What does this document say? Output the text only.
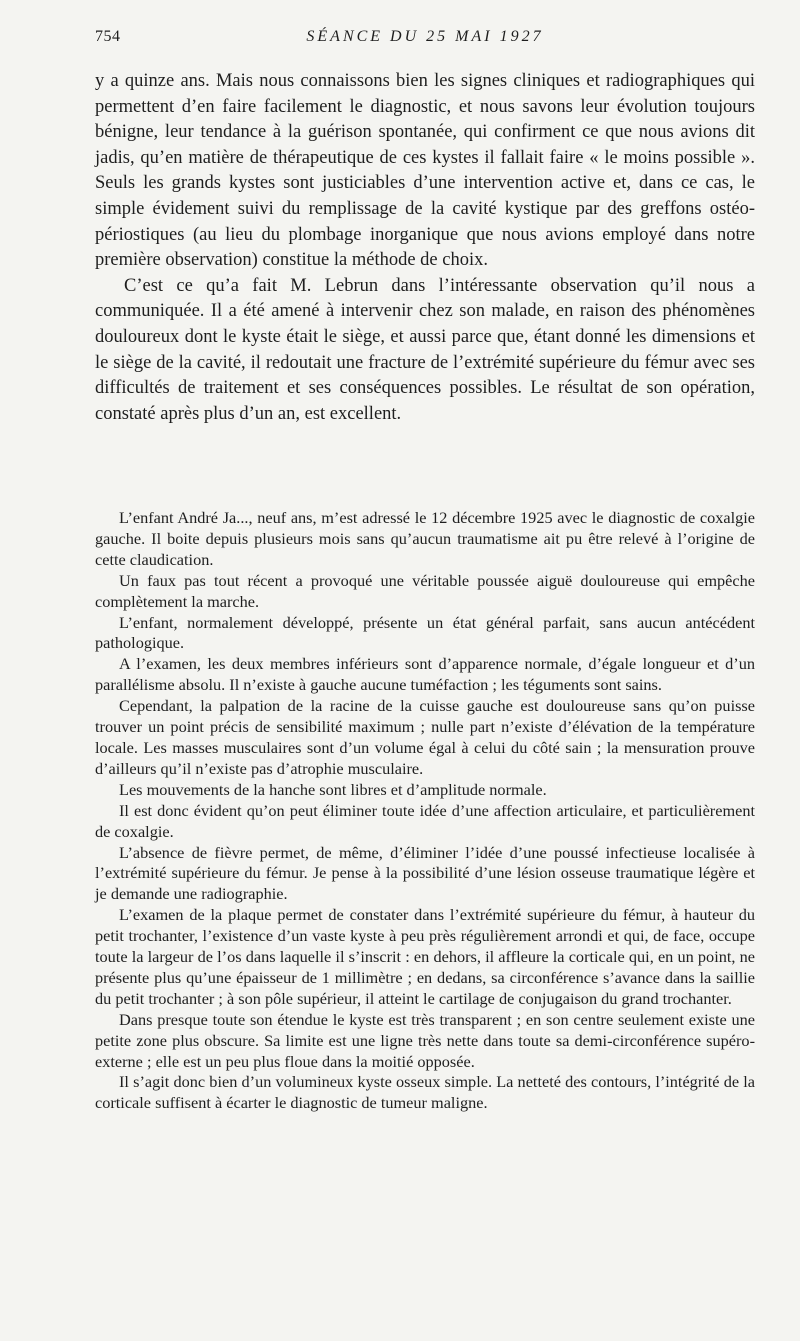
754	SÉANCE DU 25 MAI 1927

y a quinze ans. Mais nous connaissons bien les signes cliniques et radiographiques qui permettent d’en faire facilement le diagnostic, et nous savons leur évolution toujours bénigne, leur tendance à la guérison spontanée, qui confirment ce que nous avions dit jadis, qu’en matière de thérapeutique de ces kystes il fallait faire « le moins possible ». Seuls les grands kystes sont justiciables d’une intervention active et, dans ce cas, le simple évidement suivi du remplissage de la cavité kystique par des greffons ostéo-périostiques (au lieu du plombage inorganique que nous avions employé dans notre première observation) constitue la méthode de choix.

C’est ce qu’a fait M. Lebrun dans l’intéressante observation qu’il nous a communiquée. Il a été amené à intervenir chez son malade, en raison des phénomènes douloureux dont le kyste était le siège, et aussi parce que, étant donné les dimensions et le siège de la cavité, il redoutait une fracture de l’extrémité supérieure du fémur avec ses difficultés de traitement et ses conséquences possibles. Le résultat de son opération, constaté après plus d’un an, est excellent.

L’enfant André Ja..., neuf ans, m’est adressé le 12 décembre 1925 avec le diagnostic de coxalgie gauche. Il boite depuis plusieurs mois sans qu’aucun traumatisme ait pu être relevé à l’origine de cette claudication.

Un faux pas tout récent a provoqué une véritable poussée aiguë douloureuse qui empêche complètement la marche.

L’enfant, normalement développé, présente un état général parfait, sans aucun antécédent pathologique.

A l’examen, les deux membres inférieurs sont d’apparence normale, d’égale longueur et d’un parallélisme absolu. Il n’existe à gauche aucune tuméfaction ; les téguments sont sains.

Cependant, la palpation de la racine de la cuisse gauche est douloureuse sans qu’on puisse trouver un point précis de sensibilité maximum ; nulle part n’existe d’élévation de la température locale. Les masses musculaires sont d’un volume égal à celui du côté sain ; la mensuration prouve d’ailleurs qu’il n’existe pas d’atrophie musculaire.

Les mouvements de la hanche sont libres et d’amplitude normale.

Il est donc évident qu’on peut éliminer toute idée d’une affection articulaire, et particulièrement de coxalgie.

L’absence de fièvre permet, de même, d’éliminer l’idée d’une poussé infectieuse localisée à l’extrémité supérieure du fémur. Je pense à la possibilité d’une lésion osseuse traumatique légère et je demande une radiographie.

L’examen de la plaque permet de constater dans l’extrémité supérieure du fémur, à hauteur du petit trochanter, l’existence d’un vaste kyste à peu près régulièrement arrondi et qui, de face, occupe toute la largeur de l’os dans laquelle il s’inscrit : en dehors, il affleure la corticale qui, en un point, ne présente plus qu’une épaisseur de 1 millimètre ; en dedans, sa circonférence s’avance dans la saillie du petit trochanter ; à son pôle supérieur, il atteint le cartilage de conjugaison du grand trochanter.

Dans presque toute son étendue le kyste est très transparent ; en son centre seulement existe une petite zone plus obscure. Sa limite est une ligne très nette dans toute sa demi-circonférence supéro-externe ; elle est un peu plus floue dans la moitié opposée.

Il s’agit donc bien d’un volumineux kyste osseux simple. La netteté des contours, l’intégrité de la corticale suffisent à écarter le diagnostic de tumeur maligne.
